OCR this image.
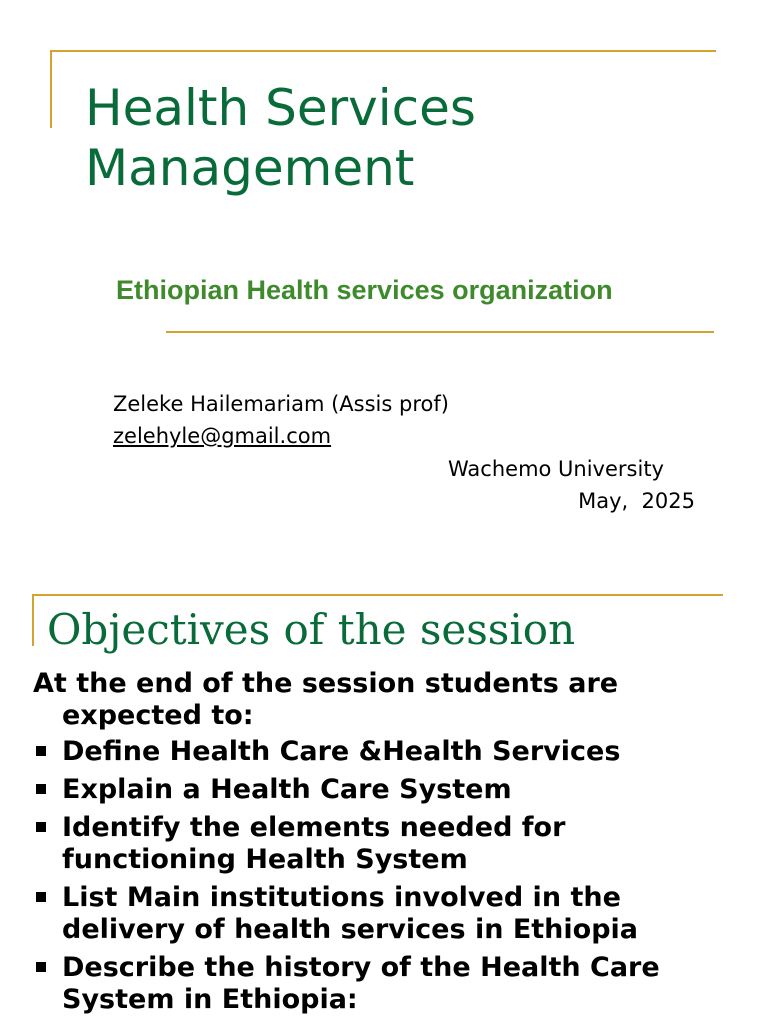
Health Services
Management

Ethiopian Health services organization

Zeleke Hailemariam (Assis prof)
zelehyle@gmail.com
Wachemo University
May,  2025
Objectives of the session

At the end of the session students are
expected to:

Define Health Care &Health Services
Explain a Health Care System
Identify the elements needed for
functioning Health System
List Main institutions involved in the
delivery of health services in Ethiopia
Describe the history of the Health Care
System in Ethiopia:
